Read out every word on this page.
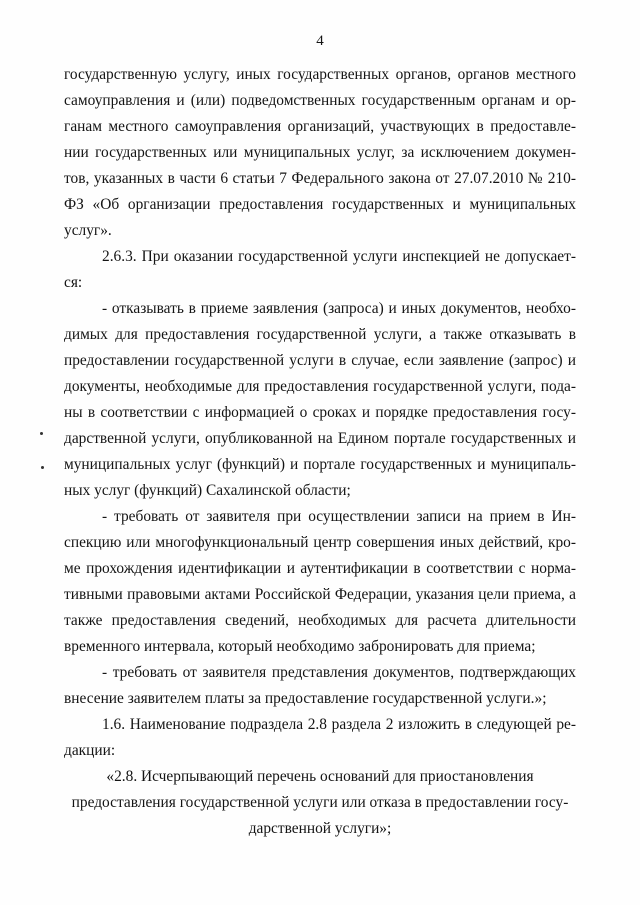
4
государственную услугу, иных государственных органов, органов местного
самоуправления и (или) подведомственных государственным органам и ор-
ганам местного самоуправления организаций, участвующих в предоставле-
нии государственных или муниципальных услуг, за исключением докумен-
тов, указанных в части 6 статьи 7 Федерального закона от 27.07.2010 № 210-
ФЗ «Об организации предоставления государственных и муниципальных
услуг».
2.6.3. При оказании государственной услуги инспекцией не допускает-
ся:
- отказывать в приеме заявления (запроса) и иных документов, необхо-
димых для предоставления государственной услуги, а также отказывать в
предоставлении государственной услуги в случае, если заявление (запрос) и
документы, необходимые для предоставления государственной услуги, пода-
ны в соответствии с информацией о сроках и порядке предоставления госу-
дарственной услуги, опубликованной на Едином портале государственных и
муниципальных услуг (функций) и портале государственных и муниципаль-
ных услуг (функций) Сахалинской области;
- требовать от заявителя при осуществлении записи на прием в Ин-
спекцию или многофункциональный центр совершения иных действий, кро-
ме прохождения идентификации и аутентификации в соответствии с норма-
тивными правовыми актами Российской Федерации, указания цели приема, а
также предоставления сведений, необходимых для расчета длительности
временного интервала, который необходимо забронировать для приема;
- требовать от заявителя представления документов, подтверждающих
внесение заявителем платы за предоставление государственной услуги.»;
1.6. Наименование подраздела 2.8 раздела 2 изложить в следующей ре-
дакции:
«2.8. Исчерпывающий перечень оснований для приостановления
предоставления государственной услуги или отказа в предоставлении госу-
дарственной услуги»;
